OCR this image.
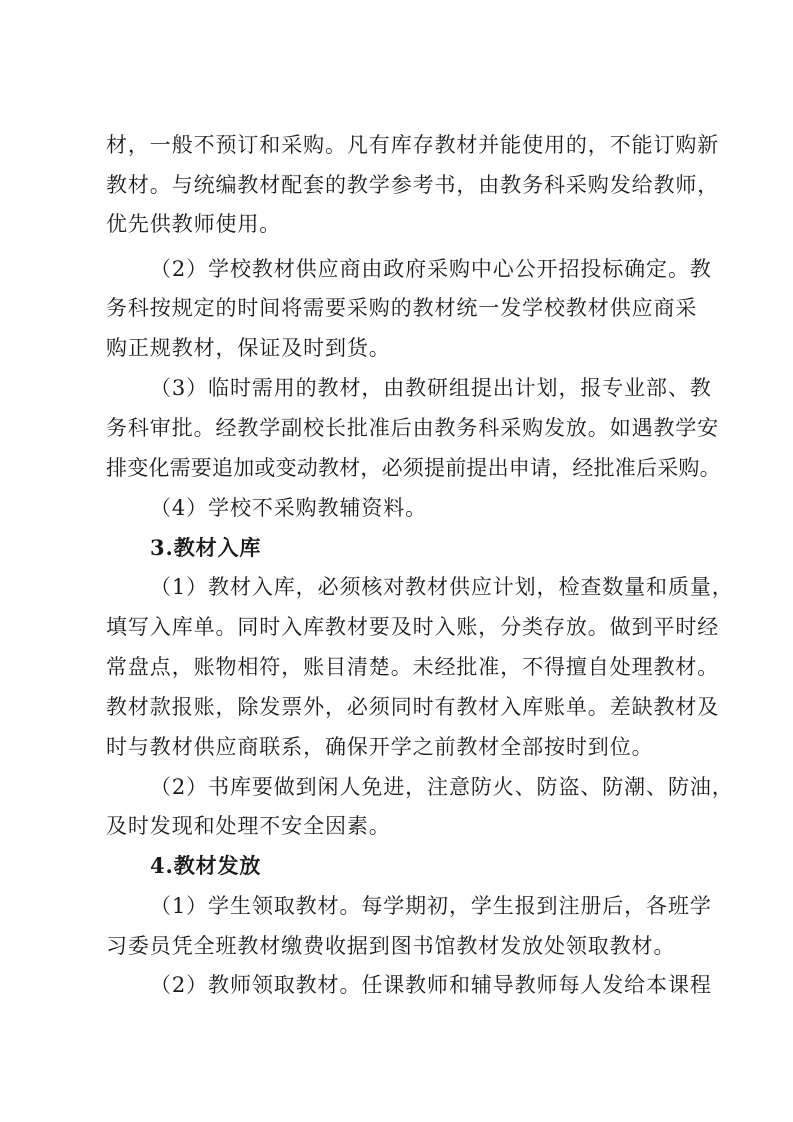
材，一般不预订和采购。凡有库存教材并能使用的，不能订购新
教材。与统编教材配套的教学参考书，由教务科采购发给教师，
优先供教师使用。
（2）学校教材供应商由政府采购中心公开招投标确定。教
务科按规定的时间将需要采购的教材统一发学校教材供应商采
购正规教材，保证及时到货。
（3）临时需用的教材，由教研组提出计划，报专业部、教
务科审批。经教学副校长批准后由教务科采购发放。如遇教学安
排变化需要追加或变动教材，必须提前提出申请，经批准后采购。
（4）学校不采购教辅资料。
3.教材入库
（1）教材入库，必须核对教材供应计划，检查数量和质量，
填写入库单。同时入库教材要及时入账，分类存放。做到平时经
常盘点，账物相符，账目清楚。未经批准，不得擅自处理教材。
教材款报账，除发票外，必须同时有教材入库账单。差缺教材及
时与教材供应商联系，确保开学之前教材全部按时到位。
（2）书库要做到闲人免进，注意防火、防盗、防潮、防油，
及时发现和处理不安全因素。
4.教材发放
（1）学生领取教材。每学期初，学生报到注册后，各班学
习委员凭全班教材缴费收据到图书馆教材发放处领取教材。
（2）教师领取教材。任课教师和辅导教师每人发给本课程
